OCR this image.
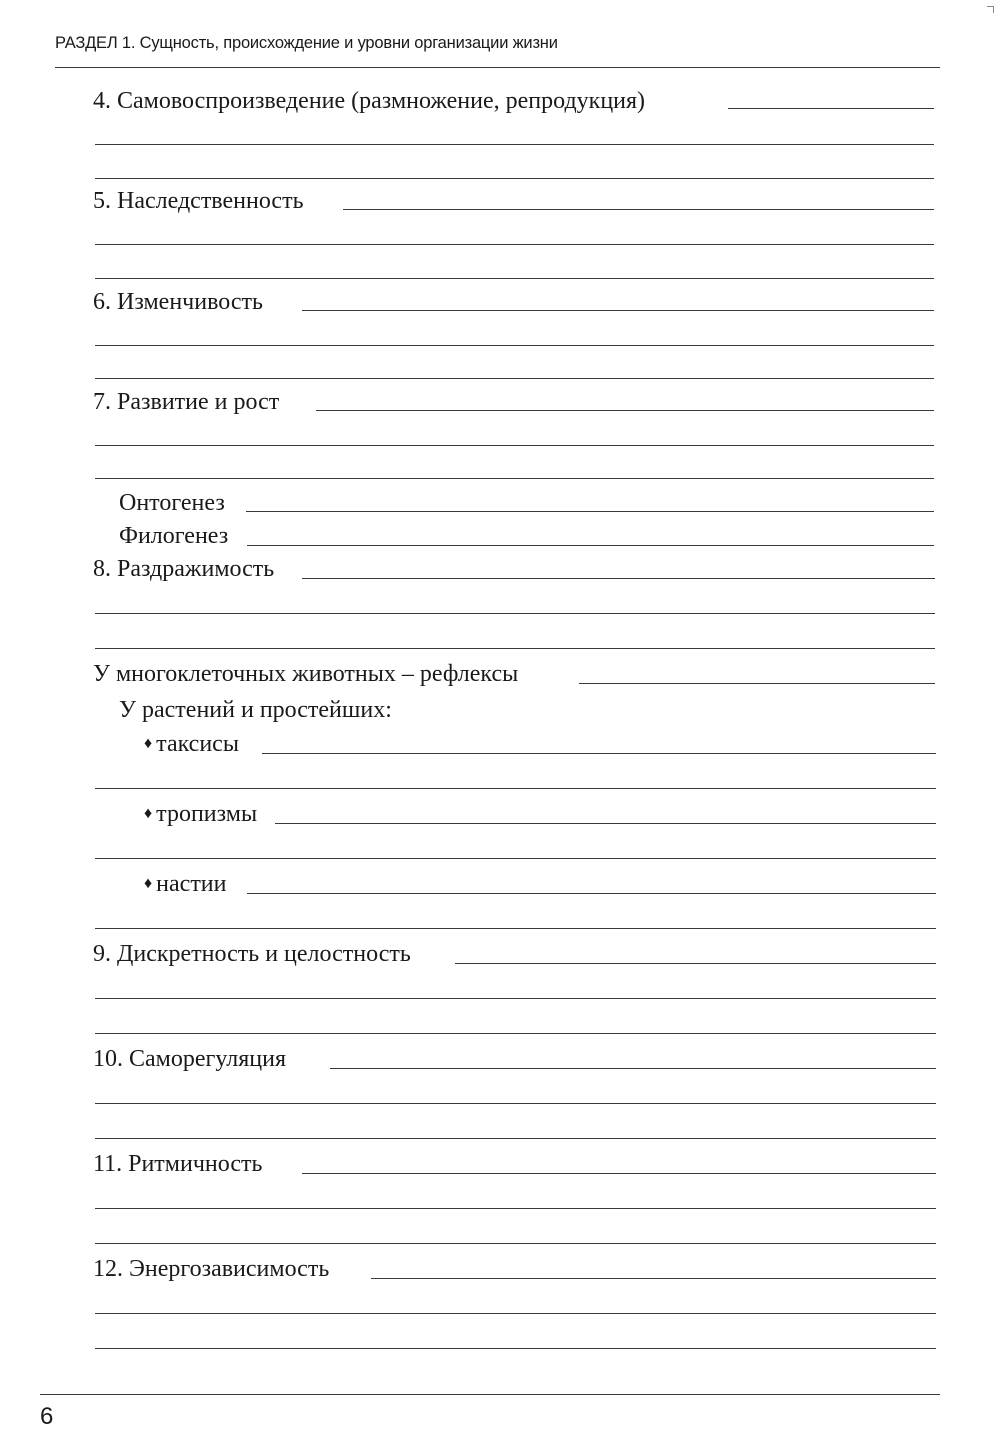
РАЗДЕЛ 1. Сущность, происхождение и уровни организации жизни
4. Самовоспроизведение (размножение, репродукция)
5. Наследственность
6. Изменчивость
7. Развитие и рост
Онтогенез
Филогенез
8. Раздражимость
У многоклеточных животных – рефлексы
У растений и простейших:
♦ таксисы
♦ тропизмы
♦ настии
9. Дискретность и целостность
10. Саморегуляция
11. Ритмичность
12. Энергозависимость
6
